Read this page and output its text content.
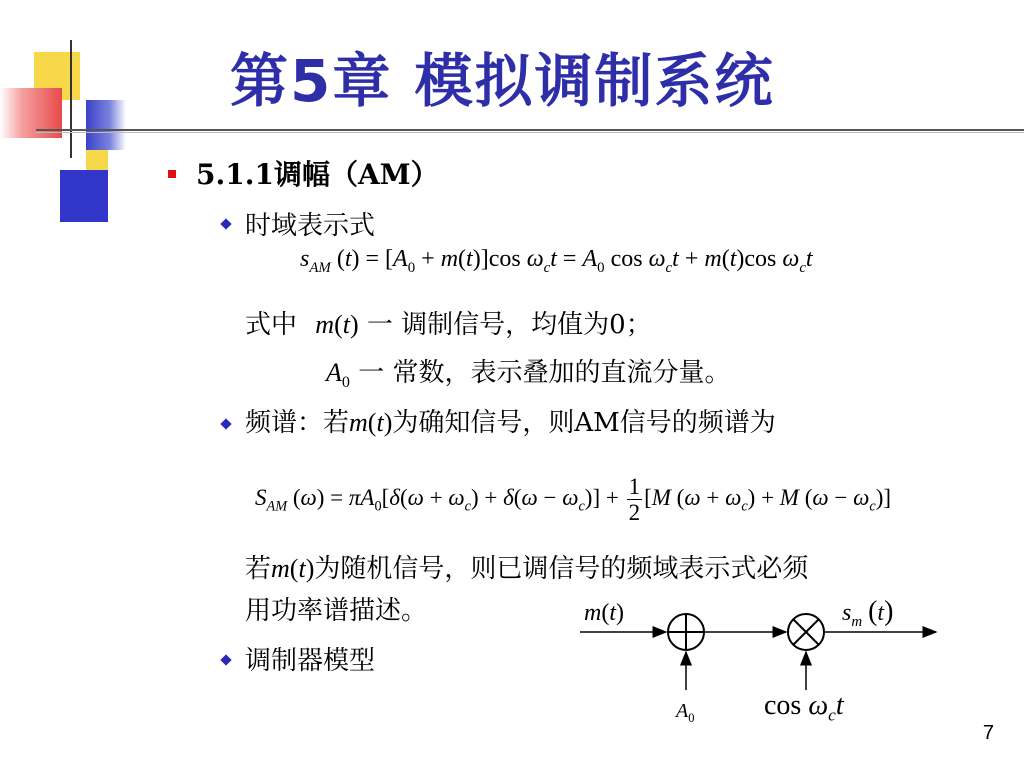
第5章 模拟调制系统
5.1.1调幅（AM）
时域表示式
$s_{AM}$ $(t) = [A_0 + m(t)]\cos$ $\omega_ct = A_0$ $\cos \omega_ct + m(t)\cos$ $\omega_ct$
式中 m(t) 一 调制信号，均值为0；
$A_0$ 一 常数，表示叠加的直流分量。
频谱：若m(t)为确知信号，则AM信号的频谱为
$S_{AM}$ $(\omega) = \pi A_0[\delta(\omega + \omega_c) + \delta(\omega - \omega_c)] + \frac{1}{2} [M$ $(\omega + \omega_c) + M$ $(\omega - \omega_c)$]
若m(t)为随机信号，则已调信号的频域表示式必须
用功率谱描述。
调制器模型
m(t)	$s_m$ (t)
$A_0$ $\cos \omega_ct$
7
